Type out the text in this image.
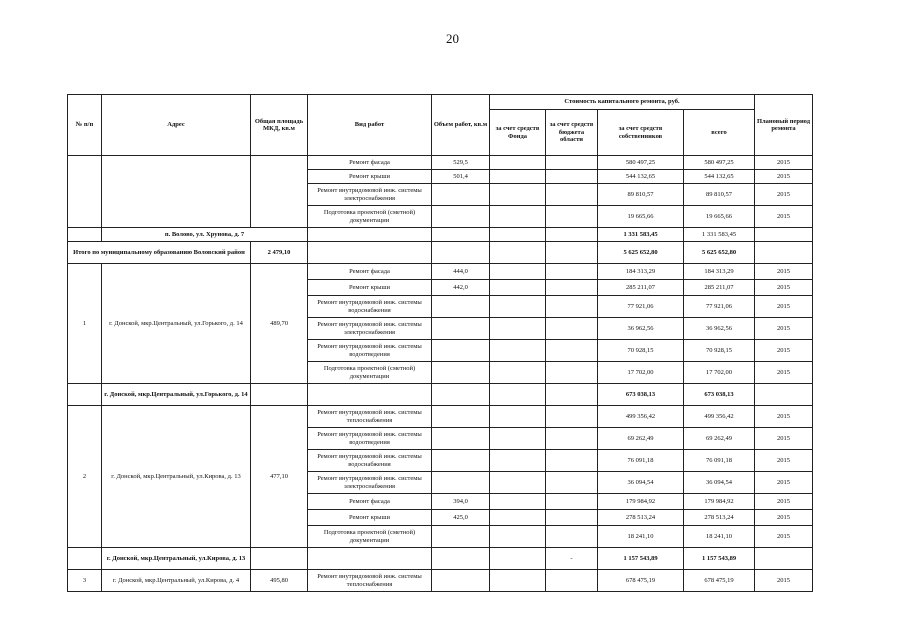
20
№ п/п	Адрес	Общая площадь МКД, кв.м	Вид работ	Объем работ, кв.м	Стоимость капитального ремонта, руб.				Плановый период ремонта
					за счет средств Фонда	за счет средств бюджета области	за счет средств собственников	всего	
			Ремонт фасада	529,5			580 497,25	580 497,25	2015
			Ремонт крыши	501,4			544 132,65	544 132,65	2015
			Ремонт внутридомовой инж. системы электроснабжения				89 810,57	89 810,57	2015
			Подготовка проектной (сметной) документации				19 665,66	19 665,66	2015
	п. Волово, ул. Хрунова, д. 7						1 331 583,45	1 331 583,45	
Итого по муниципальному образованию Воловский район		2 479,10					5 625 652,80	5 625 652,80	
1	г. Донской, мкр.Центральный, ул.Горького, д. 14	489,70	Ремонт фасада	444,0			184 313,29	184 313,29	2015
			Ремонт крыши	442,0			285 211,07	285 211,07	2015
			Ремонт внутридомовой инж. системы водоснабжения				77 921,06	77 921,06	2015
			Ремонт внутридомовой инж. системы электроснабжения				36 962,56	36 962,56	2015
			Ремонт внутридомовой инж. системы водоотведения				70 928,15	70 928,15	2015
			Подготовка проектной (сметной) документации				17 702,00	17 702,00	2015
	г. Донской, мкр.Центральный, ул.Горького, д. 14						673 038,13	673 038,13	
2	г. Донской, мкр.Центральный, ул.Кирова, д. 13	477,10	Ремонт внутридомовой инж. системы теплоснабжения				499 356,42	499 356,42	2015
			Ремонт внутридомовой инж. системы водоотведения				69 262,49	69 262,49	2015
			Ремонт внутридомовой инж. системы водоснабжения				76 091,18	76 091,18	2015
			Ремонт внутридомовой инж. системы электроснабжения				36 094,54	36 094,54	2015
			Ремонт фасада	394,0			179 984,92	179 984,92	2015
			Ремонт крыши	425,0			278 513,24	278 513,24	2015
			Подготовка проектной (сметной) документации				18 241,10	18 241,10	2015
	г. Донской, мкр.Центральный, ул.Кирова, д. 13					-	1 157 543,89	1 157 543,89	
3	г. Донской, мкр.Центральный, ул.Кирова, д. 4	495,80	Ремонт внутридомовой инж. системы теплоснабжения				678 475,19	678 475,19	2015
